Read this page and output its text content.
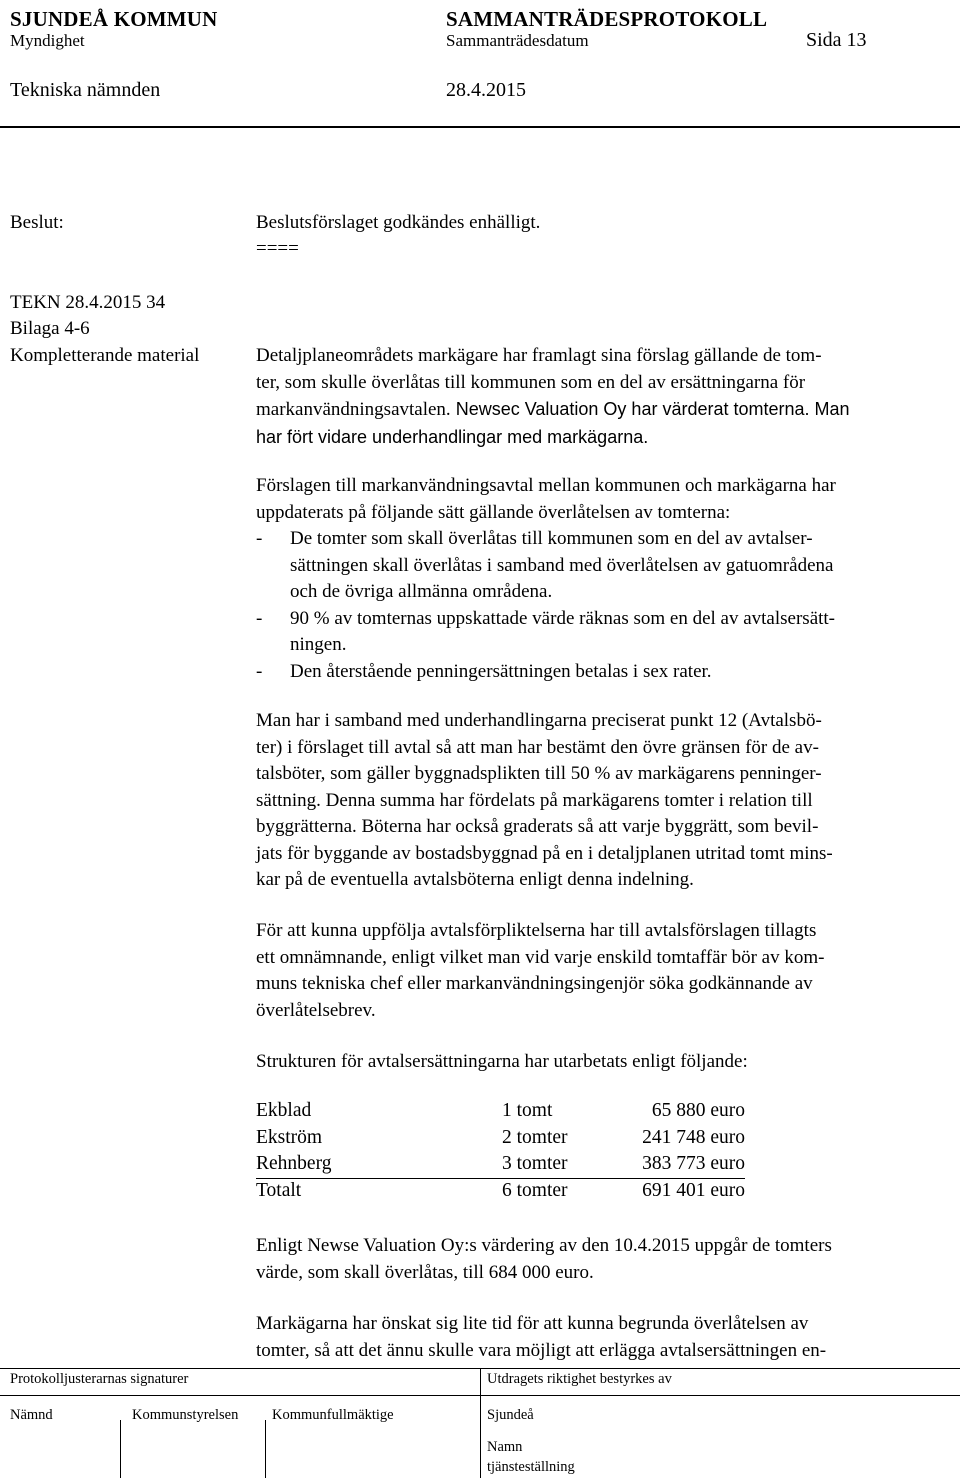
SJUNDEÅ KOMMUN	SAMMANTRÄDESPROTOKOLL
Myndighet	Sammanträdesdatum	Sida 13
Tekniska nämnden	28.4.2015
Beslut:	Beslutsförslaget godkändes enhälligt.
====
TEKN 28.4.2015 34
Bilaga 4-6
Kompletterande material	Detaljplaneområdets markägare har framlagt sina förslag gällande de tom-
ter, som skulle överlåtas till kommunen som en del av ersättningarna för
markanvändningsavtalen. Newsec Valuation Oy har värderat tomterna. Man
har fört vidare underhandlingar med markägarna.
Förslagen till markanvändningsavtal mellan kommunen och markägarna har
uppdaterats på följande sätt gällande överlåtelsen av tomterna:
- De tomter som skall överlåtas till kommunen som en del av avtalser-
sättningen skall överlåtas i samband med överlåtelsen av gatuområdena
och de övriga allmänna områdena.
- 90 % av tomternas uppskattade värde räknas som en del av avtalsersätt-
ningen.
- Den återstående penningersättningen betalas i sex rater.
Man har i samband med underhandlingarna preciserat punkt 12 (Avtalsbö-
ter) i förslaget till avtal så att man har bestämt den övre gränsen för de av-
talsböter, som gäller byggnadsplikten till 50 % av markägarens penninger-
sättning. Denna summa har fördelats på markägarens tomter i relation till
byggrätterna. Böterna har också graderats så att varje byggrätt, som bevil-
jats för byggande av bostadsbyggnad på en i detaljplanen utritad tomt mins-
kar på de eventuella avtalsböterna enligt denna indelning.
För att kunna uppfölja avtalsförpliktelserna har till avtalsförslagen tillagts
ett omnämnande, enligt vilket man vid varje enskild tomtaffär bör av kom-
muns tekniska chef eller markanvändningsingenjör söka godkännande av
överlåtelsebrev.
Strukturen för avtalsersättningarna har utarbetats enligt följande:
Ekblad	1 tomt	65 880 euro
Ekström	2 tomter	241 748 euro
Rehnberg	3 tomter	383 773 euro
Totalt	6 tomter	691 401 euro
Enligt Newse Valuation Oy:s värdering av den 10.4.2015 uppgår de tomters
värde, som skall överlåtas, till 684 000 euro.
Markägarna har önskat sig lite tid för att kunna begrunda överlåtelsen av
tomter, så att det ännu skulle vara möjligt att erlägga avtalsersättningen en-
Protokolljusterarnas signaturer	Utdragets riktighet bestyrkes av
Nämnd	Kommunstyrelsen Kommunfullmäktige	Sjundeå
Namn
tjänsteställning
